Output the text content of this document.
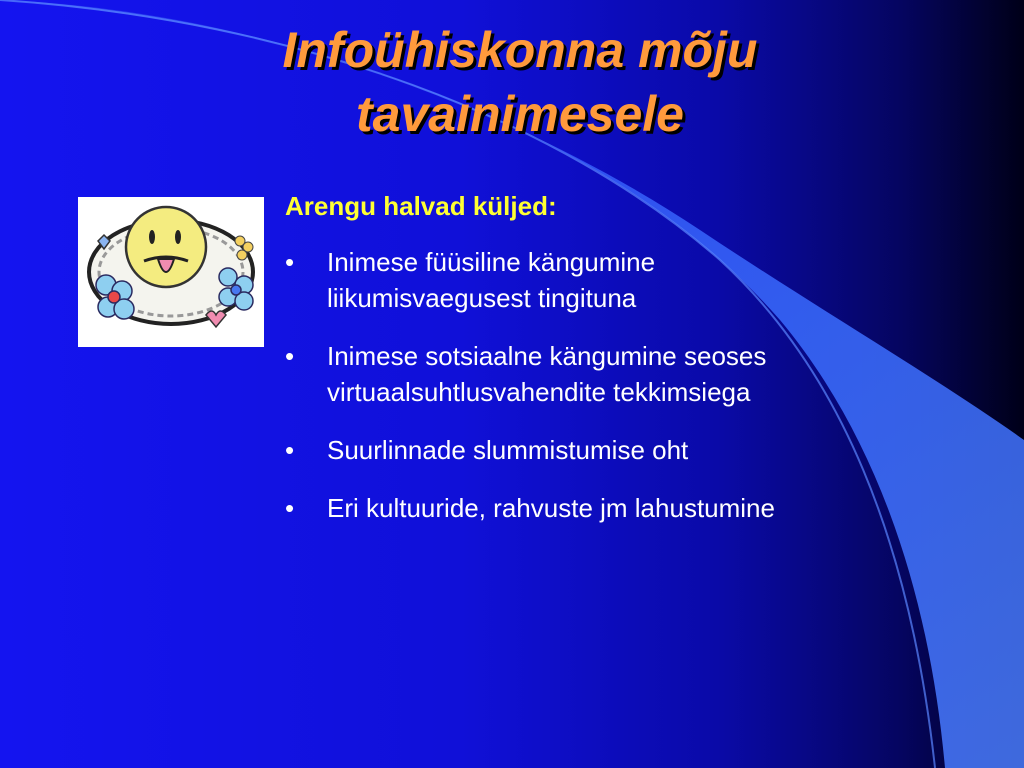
Infoühiskonna mõju
tavainimesele
Arengu halvad küljed:
• Inimese füüsiline kängumine liikumisvaegusest tingituna
• Inimese sotsiaalne kängumine seoses virtuaalsuhtlusvahendite tekkimsiega
• Suurlinnade slummistumise oht
• Eri kultuuride, rahvuste jm lahustumine
